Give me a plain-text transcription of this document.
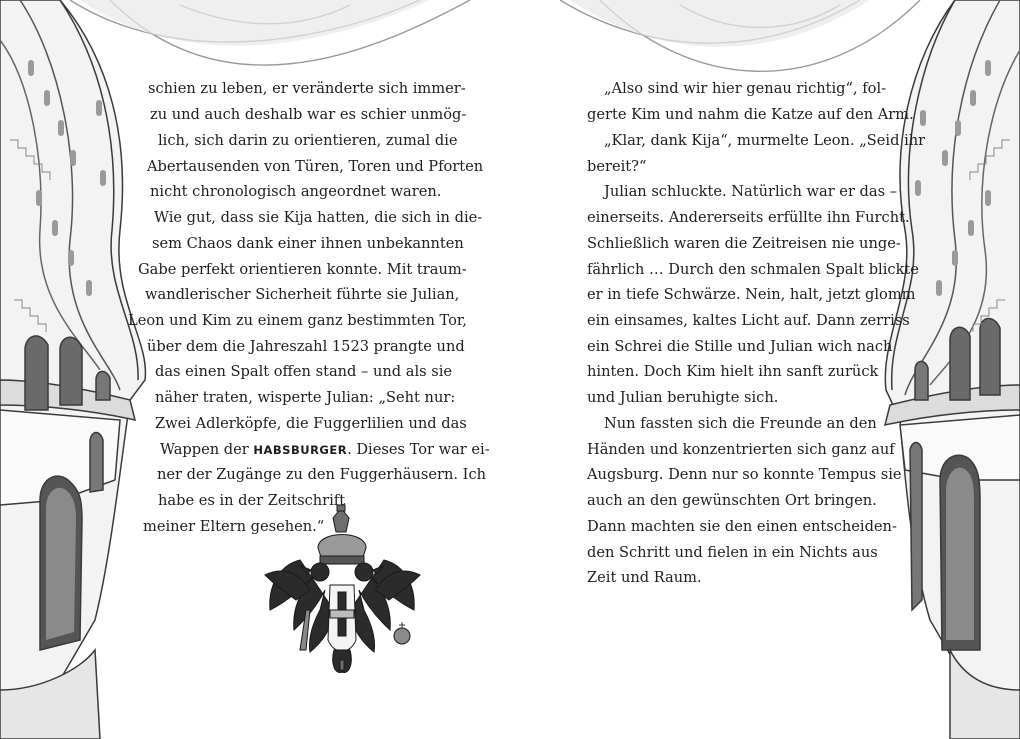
schien zu leben, er veränderte sich immer-
zu und auch deshalb war es schier unmög-
lich, sich darin zu orientieren, zumal die
Abertausenden von Türen, Toren und Pforten
nicht chronologisch angeordnet waren.
Wie gut, dass sie Kija hatten, die sich in die-
sem Chaos dank einer ihnen unbekannten
Gabe perfekt orientieren konnte. Mit traum-
wandlerischer Sicherheit führte sie Julian,
Leon und Kim zu einem ganz bestimmten Tor,
über dem die Jahreszahl 1523 prangte und
das einen Spalt offen stand – und als sie
näher traten, wisperte Julian: „Seht nur:
Zwei Adlerköpfe, die Fuggerlilien und das
Wappen der HABSBURGER. Dieses Tor war ei-
ner der Zugänge zu den Fuggerhäusern. Ich
habe es in der Zeitschrift
meiner Eltern gesehen.“
„Also sind wir hier genau richtig“, fol-
gerte Kim und nahm die Katze auf den Arm.
„Klar, dank Kija“, murmelte Leon. „Seid ihr
bereit?“
Julian schluckte. Natürlich war er das –
einerseits. Andererseits erfüllte ihn Furcht.
Schließlich waren die Zeitreisen nie unge-
fährlich … Durch den schmalen Spalt blickte
er in tiefe Schwärze. Nein, halt, jetzt glomm
ein einsames, kaltes Licht auf. Dann zerriss
ein Schrei die Stille und Julian wich nach
hinten. Doch Kim hielt ihn sanft zurück
und Julian beruhigte sich.
Nun fassten sich die Freunde an den
Händen und konzentrierten sich ganz auf
Augsburg. Denn nur so konnte Tempus sie
auch an den gewünschten Ort bringen.
Dann machten sie den einen entscheiden-
den Schritt und fielen in ein Nichts aus
Zeit und Raum.
